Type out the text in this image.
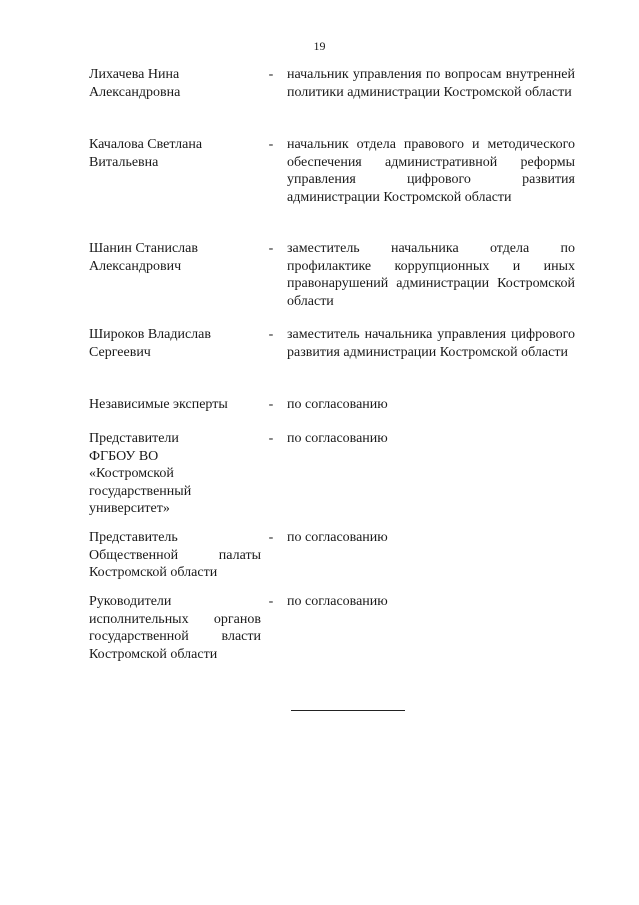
19
Лихачева Нина Александровна
- начальник управления по вопросам внутренней политики администрации Костромской области
Качалова Светлана Витальевна
- начальник отдела правового и методического обеспечения административной реформы управления цифрового развития администрации Костромской области
Шанин Станислав Александрович
- заместитель начальника отдела по профилактике коррупционных и иных правонарушений администрации Костромской области
Широков Владислав Сергеевич
- заместитель начальника управления цифрового развития администрации Костромской области
Независимые эксперты	- по согласованию
Представители ФГБОУ ВО «Костромской государственный университет»
- по согласованию
Представитель Общественной палаты Костромской области
- по согласованию
Руководители исполнительных органов государственной власти Костромской области
- по согласованию
